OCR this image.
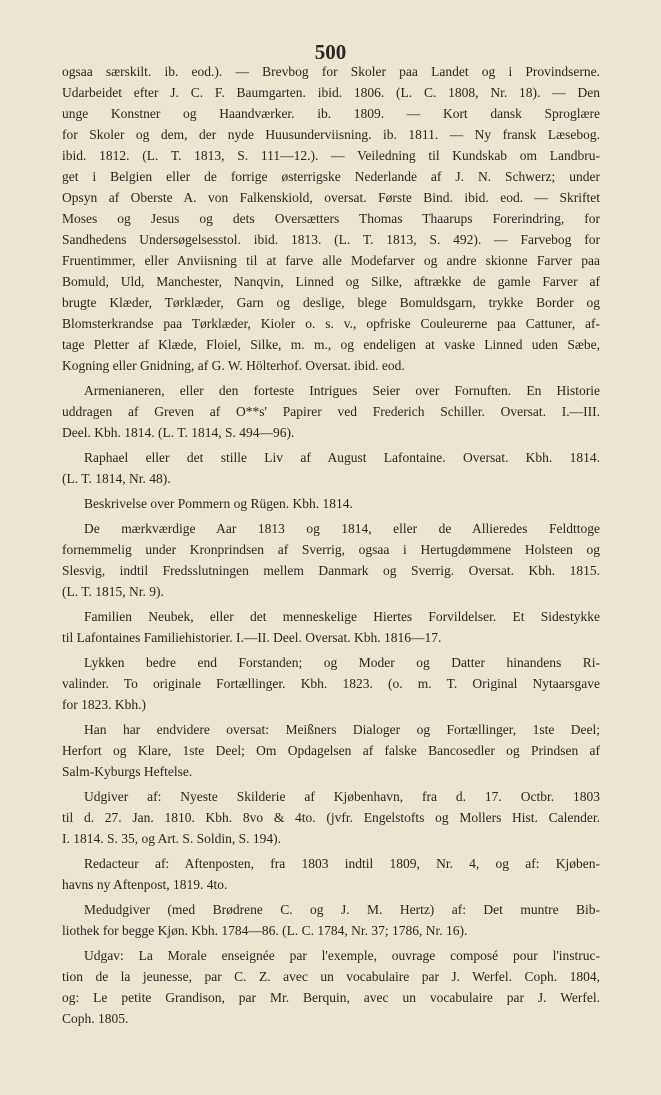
500
ogsaa særskilt. ib. eod.). — Brevbog for Skoler paa Landet og i Provindserne.
Udarbeidet efter J. C. F. Baumgarten. ibid. 1806. (L. C. 1808, Nr. 18). — Den
unge Konstner og Haandværker. ib. 1809. — Kort dansk Sproglære
for Skoler og dem, der nyde Huusunderviisning. ib. 1811. — Ny fransk Læsebog.
ibid. 1812. (L. T. 1813, S. 111—12.). — Veiledning til Kundskab om Landbru-
get i Belgien eller de forrige østerrigske Nederlande af J. N. Schwerz; under
Opsyn af Oberste A. von Falkenskiold, oversat. Første Bind. ibid. eod. — Skriftet
Moses og Jesus og dets Oversætters Thomas Thaarups Forerindring, for
Sandhedens Undersøgelsesstol. ibid. 1813. (L. T. 1813, S. 492). — Farvebog for
Fruentimmer, eller Anviisning til at farve alle Modefarver og andre skionne Farver paa
Bomuld, Uld, Manchester, Nanqvin, Linned og Silke, aftrække de gamle Farver af
brugte Klæder, Tørklæder, Garn og deslige, blege Bomuldsgarn, trykke Border og
Blomsterkrandse paa Tørklæder, Kioler o. s. v., opfriske Couleurerne paa Cattuner, af-
tage Pletter af Klæde, Floiel, Silke, m. m., og endeligen at vaske Linned uden Sæbe,
Kogning eller Gnidning, af G. W. Hölterhof. Oversat. ibid. eod.
Armenianeren, eller den forteste Intrigues Seier over Fornuften. En Historie
uddragen af Greven af O**s' Papirer ved Frederich Schiller. Oversat. I.—III.
Deel. Kbh. 1814. (L. T. 1814, S. 494—96).
Raphael eller det stille Liv af August Lafontaine. Oversat. Kbh. 1814.
(L. T. 1814, Nr. 48).
Beskrivelse over Pommern og Rügen. Kbh. 1814.
De mærkværdige Aar 1813 og 1814, eller de Allieredes Feldttoge
fornemmelig under Kronprindsen af Sverrig, ogsaa i Hertugdømmene Holsteen og
Slesvig, indtil Fredsslutningen mellem Danmark og Sverrig. Oversat. Kbh. 1815.
(L. T. 1815, Nr. 9).
Familien Neubek, eller det menneskelige Hiertes Forvildelser. Et Sidestykke
til Lafontaines Familiehistorier. I.—II. Deel. Oversat. Kbh. 1816—17.
Lykken bedre end Forstanden; og Moder og Datter hinandens Ri-
valinder. To originale Fortællinger. Kbh. 1823. (o. m. T. Original Nytaarsgave
for 1823. Kbh.)
Han har endvidere oversat: Meißners Dialoger og Fortællinger, 1ste Deel;
Herfort og Klare, 1ste Deel; Om Opdagelsen af falske Bancosedler og Prindsen af
Salm-Kyburgs Heftelse.
Udgiver af: Nyeste Skilderie af Kjøbenhavn, fra d. 17. Octbr. 1803
til d. 27. Jan. 1810. Kbh. 8vo & 4to. (jvfr. Engelstofts og Mollers Hist. Calender.
I. 1814. S. 35, og Art. S. Soldin, S. 194).
Redacteur af: Aftenposten, fra 1803 indtil 1809, Nr. 4, og af: Kjøben-
havns ny Aftenpost, 1819. 4to.
Medudgiver (med Brødrene C. og J. M. Hertz) af: Det muntre Bib-
liothek for begge Kjøn. Kbh. 1784—86. (L. C. 1784, Nr. 37; 1786, Nr. 16).
Udgav: La Morale enseignée par l'exemple, ouvrage composé pour l'instruc-
tion de la jeunesse, par C. Z. avec un vocabulaire par J. Werfel. Coph. 1804,
og: Le petite Grandison, par Mr. Berquin, avec un vocabulaire par J. Werfel.
Coph. 1805.
